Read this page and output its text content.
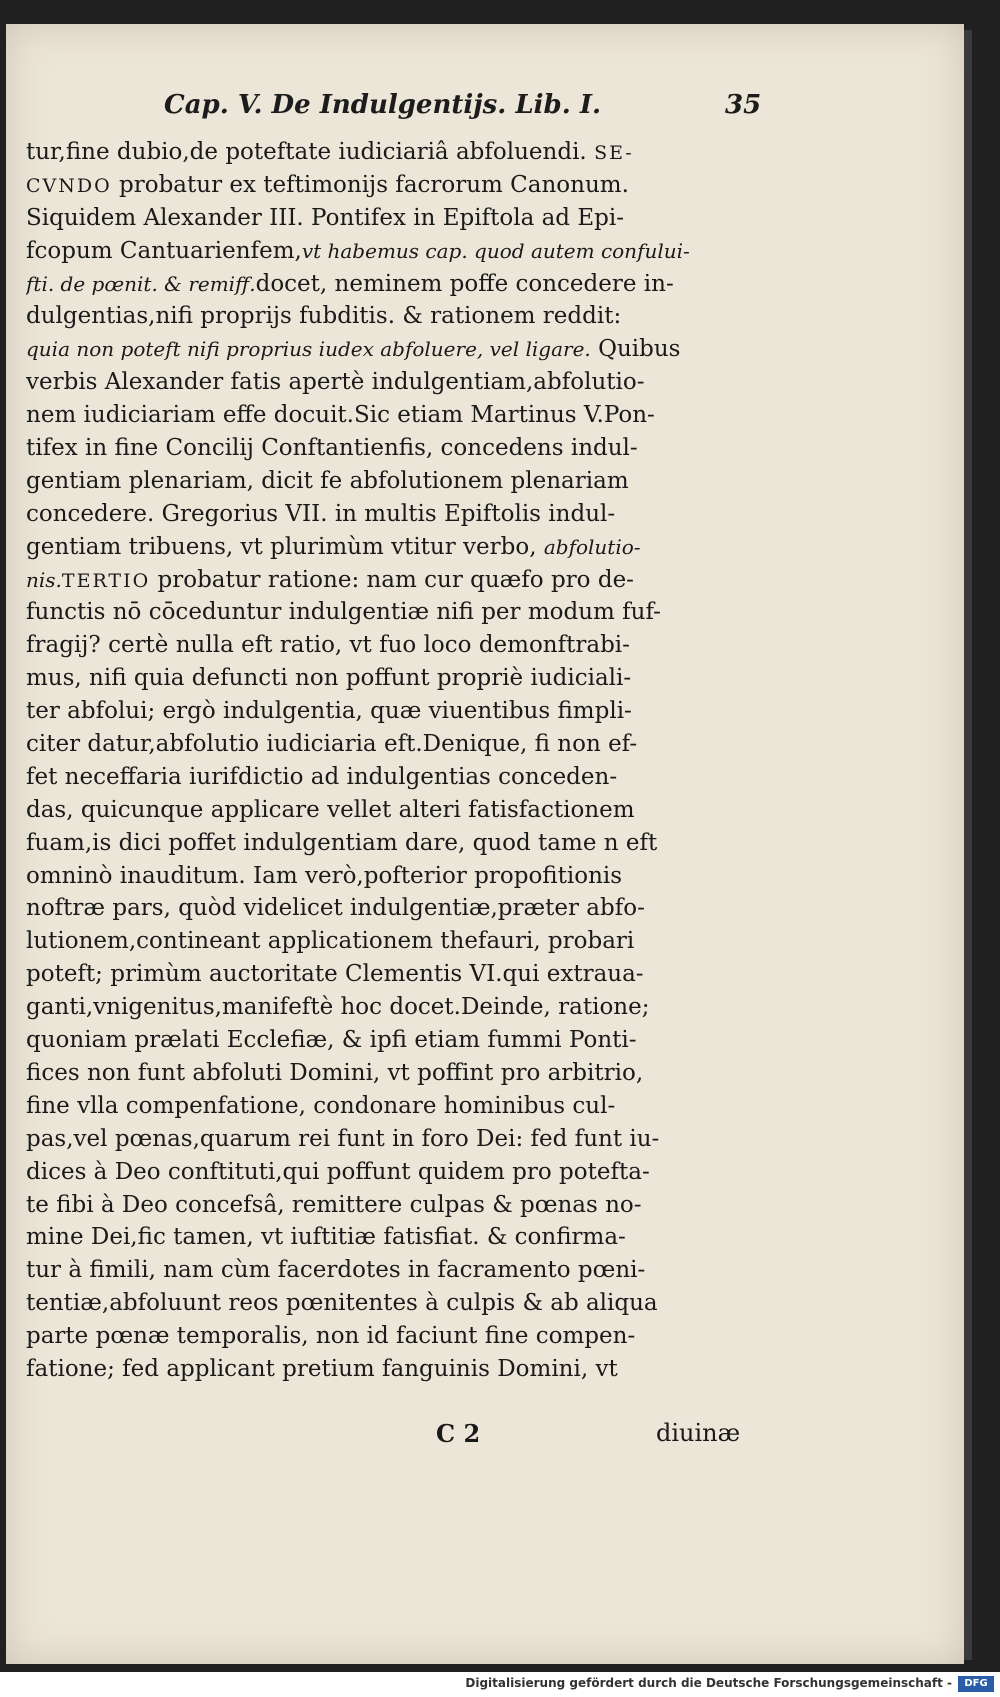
Cap. V. De Indulgentijs. Lib. I.	35
tur,fine dubio,de poteftate iudiciariâ abfoluendi. SE-
CVNDO probatur ex teftimonijs facrorum Canonum.
Siquidem Alexander III. Pontifex in Epiftola ad Epi-
fcopum Cantuarienfem,vt habemus cap. quod autem confului-
fti. de pœnit. & remiff.docet, neminem poffe concedere in-
dulgentias,nifi proprijs fubditis. & rationem reddit:
quia non poteft nifi proprius iudex abfoluere, vel ligare. Quibus
verbis Alexander fatis apertè indulgentiam,abfolutio-
nem iudiciariam effe docuit.Sic etiam Martinus V.Pon-
tifex in fine Concilij Conftantienfis, concedens indul-
gentiam plenariam, dicit fe abfolutionem plenariam
concedere. Gregorius VII. in multis Epiftolis indul-
gentiam tribuens, vt plurimùm vtitur verbo, abfolutio-
nis.TERTIO probatur ratione: nam cur quæfo pro de-
functis nō cōceduntur indulgentiæ nifi per modum fuf-
fragij? certè nulla eft ratio, vt fuo loco demonftrabi-
mus, nifi quia defuncti non poffunt propriè iudiciali-
ter abfolui; ergò indulgentia, quæ viuentibus fimpli-
citer datur,abfolutio iudiciaria eft.Denique, fi non ef-
fet neceffaria iurifdictio ad indulgentias conceden-
das, quicunque applicare vellet alteri fatisfactionem
fuam,is dici poffet indulgentiam dare, quod tame n eft
omninò inauditum. Iam verò,pofterior propofitionis
noftræ pars, quòd videlicet indulgentiæ,præter abfo-
lutionem,contineant applicationem thefauri, probari
poteft; primùm auctoritate Clementis VI.qui extraua-
ganti,vnigenitus,manifeftè hoc docet.Deinde, ratione;
quoniam prælati Ecclefiæ, & ipfi etiam fummi Ponti-
fices non funt abfoluti Domini, vt poffint pro arbitrio,
fine vlla compenfatione, condonare hominibus cul-
pas,vel pœnas,quarum rei funt in foro Dei: fed funt iu-
dices à Deo conftituti,qui poffunt quidem pro potefta-
te fibi à Deo concefsâ, remittere culpas & pœnas no-
mine Dei,fic tamen, vt iuftitiæ fatisfiat. & confirma-
tur à fimili, nam cùm facerdotes in facramento pœni-
tentiæ,abfoluunt reos pœnitentes à culpis & ab aliqua
parte pœnæ temporalis, non id faciunt fine compen-
fatione; fed applicant pretium fanguinis Domini, vt
C 2	diuinæ
Digitalisierung gefördert durch die Deutsche Forschungsgemeinschaft -	DFG
